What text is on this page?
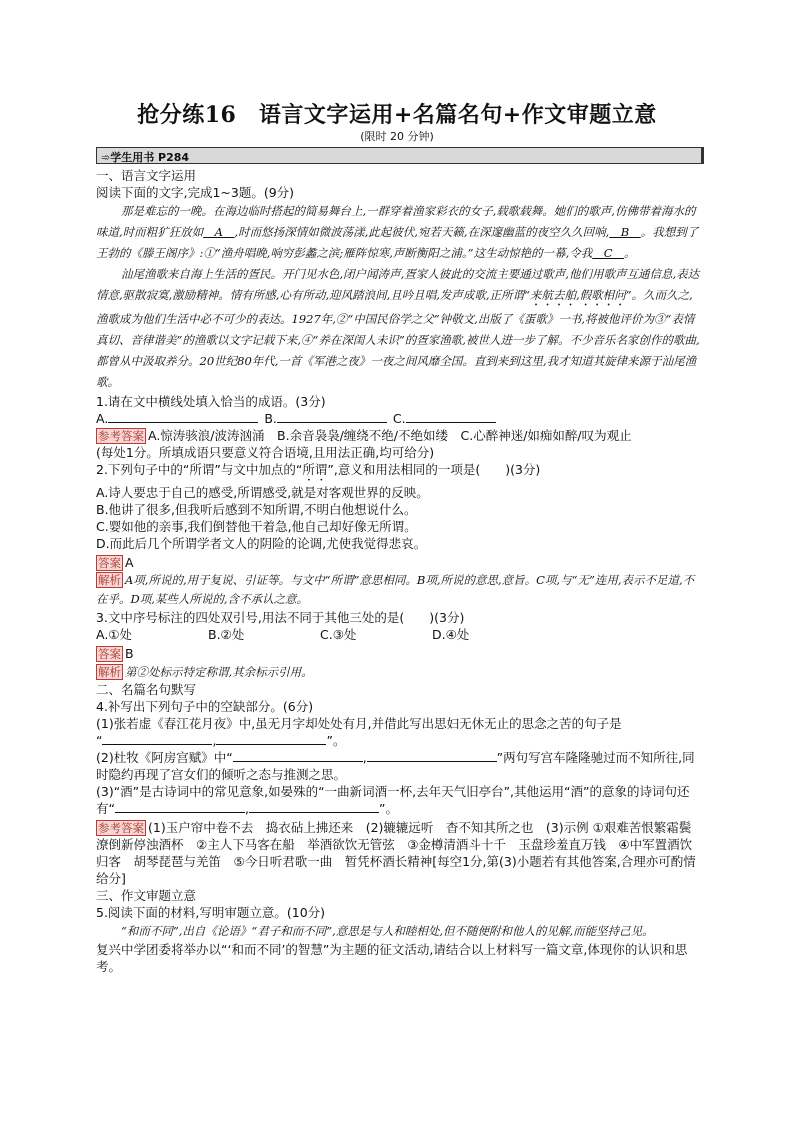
抢分练16　语言文字运用+名篇名句+作文审题立意
(限时 20 分钟)
➾学生用书 P284

一、语言文字运用

阅读下面的文字,完成1~3题。(9分)

那是难忘的一晚。在海边临时搭起的简易舞台上,一群穿着渔家彩衣的女子,载歌载舞。她们的歌声,仿佛带着海水的味道,时而粗犷狂放如　A　,时而悠扬深情如微波荡漾,此起彼伏,宛若天籁,在深邃幽蓝的夜空久久回响,　B　。我想到了王勃的《滕王阁序》:①“渔舟唱晚,响穷彭蠡之滨;雁阵惊寒,声断衡阳之浦。”这生动惊艳的一幕,令我　C　。

汕尾渔歌来自海上生活的疍民。开门见水色,闭户闻涛声,疍家人彼此的交流主要通过歌声,他们用歌声互通信息,表达情意,驱散寂寞,激励精神。情有所感,心有所动,迎风踏浪间,且吟且唱,发声成歌,正所谓“来航去舶,假歌相问”。久而久之,渔歌成为他们生活中必不可少的表达。1927年,②“中国民俗学之父”钟敬文,出版了《蛋歌》一书,将被他评价为③“表情真切、音律谐美”的渔歌以文字记载下来,④“养在深闺人未识”的疍家渔歌,被世人进一步了解。不少音乐名家创作的歌曲,都曾从中汲取养分。20世纪80年代,一首《军港之夜》一夜之间风靡全国。直到来到这里,我才知道其旋律来源于汕尾渔歌。

1.请在文中横线处填入恰当的成语。(3分)

A.	B.	C.

参考答案 A.惊涛骇浪/波涛汹涌　B.余音袅袅/缠绕不绝/不绝如缕　C.心醉神迷/如痴如醉/叹为观止

(每处1分。所填成语只要意义符合语境,且用法正确,均可给分)

2.下列句子中的“所谓”与文中加点的“所谓”,意义和用法相同的一项是(　　)(3分)

A.诗人要忠于自己的感受,所谓感受,就是对客观世界的反映。

B.他讲了很多,但我听后感到不知所谓,不明白他想说什么。

C.婴如他的亲事,我们倒替他干着急,他自己却好像无所谓。

D.而此后几个所谓学者文人的阴险的论调,尤使我觉得悲哀。

答案 A

解析 A项,所说的,用于复说、引证等。与文中“所谓”意思相同。B项,所说的意思,意旨。C项,与“无”连用,表示不足道,不在乎。D项,某些人所说的,含不承认之意。

3.文中序号标注的四处双引号,用法不同于其他三处的是(　　)(3分)

A.①处	B.②处	C.③处	D.④处

答案 B

解析 第②处标示特定称谓,其余标示引用。

二、名篇名句默写

4.补写出下列句子中的空缺部分。(6分)

(1)张若虚《春江花月夜》中,虽无月字却处处有月,并借此写出思妇无休无止的思念之苦的句子是

“	,	”。

(2)杜牧《阿房宫赋》中“	,	”两句写宫车隆隆驰过而不知所往,同时隐约再现了宫女们的倾听之态与推测之思。

(3)“酒”是古诗词中的常见意象,如晏殊的“一曲新词酒一杯,去年天气旧亭台”,其他运用“酒”的意象的诗词句还有“	,	”。

参考答案 (1)玉户帘中卷不去　捣衣砧上拂还来　(2)辘辘远听　杳不知其所之也　(3)示例 ①艰难苦恨繁霜鬓　潦倒新停浊酒杯　②主人下马客在船　举酒欲饮无管弦　③金樽清酒斗十千　玉盘珍羞直万钱　④中军置酒饮归客　胡琴琵琶与羌笛　⑤今日听君歌一曲　暂凭杯酒长精神[每空1分,第(3)小题若有其他答案,合理亦可酌情给分]

三、作文审题立意

5.阅读下面的材料,写明审题立意。(10分)

“和而不同”,出自《论语》“君子和而不同”,意思是与人和睦相处,但不随便附和他人的见解,而能坚持己见。

复兴中学团委将举办以“‘和而不同’的智慧”为主题的征文活动,请结合以上材料写一篇文章,体现你的认识和思考。
